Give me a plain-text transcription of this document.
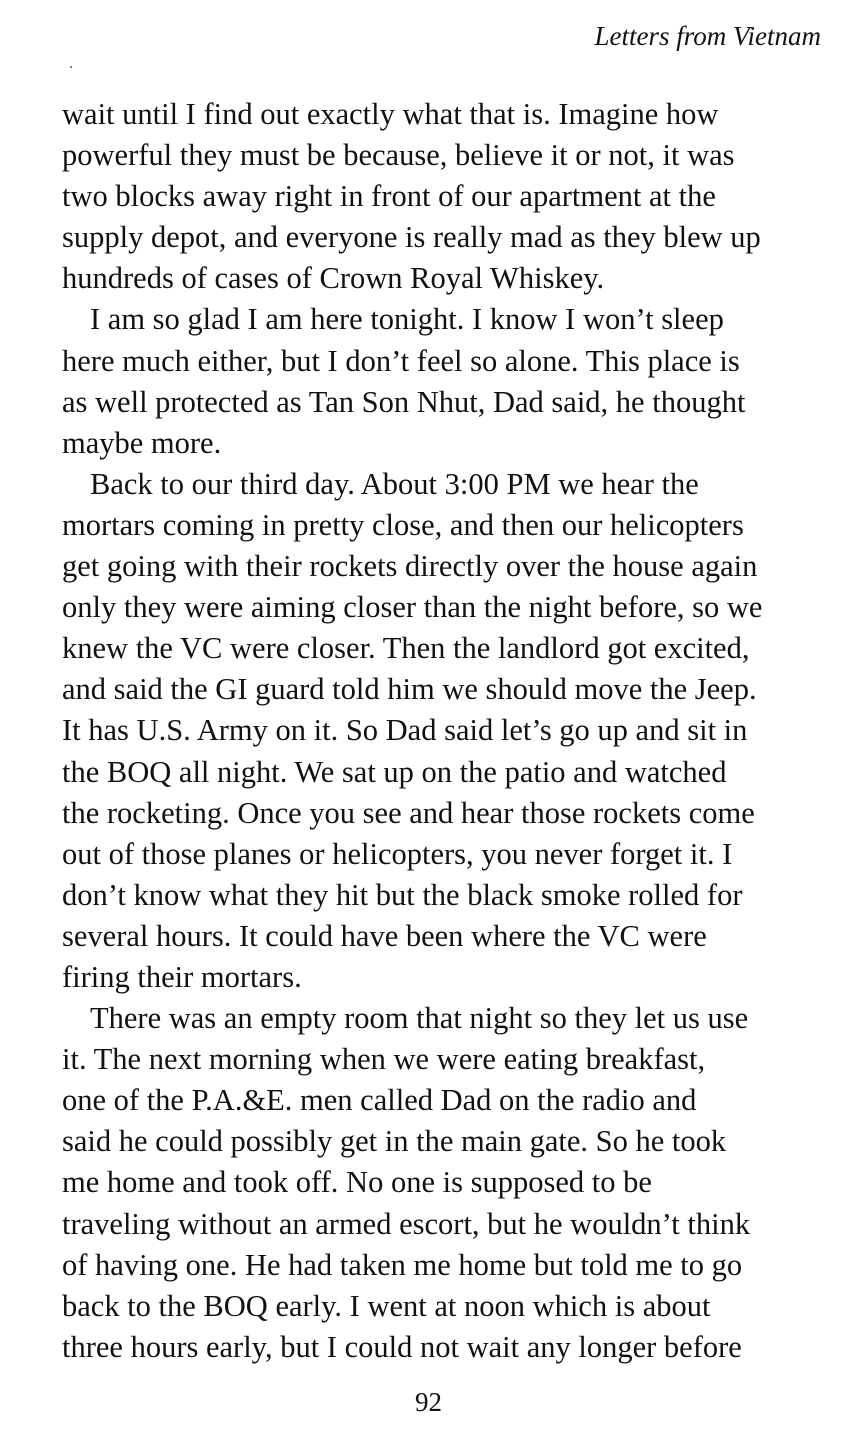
Letters from Vietnam
wait until I find out exactly what that is. Imagine how
powerful they must be because, believe it or not, it was
two blocks away right in front of our apartment at the
supply depot, and everyone is really mad as they blew up
hundreds of cases of Crown Royal Whiskey.
I am so glad I am here tonight. I know I won’t sleep
here much either, but I don’t feel so alone. This place is
as well protected as Tan Son Nhut, Dad said, he thought
maybe more.
Back to our third day. About 3:00 PM we hear the
mortars coming in pretty close, and then our helicopters
get going with their rockets directly over the house again
only they were aiming closer than the night before, so we
knew the VC were closer. Then the landlord got excited,
and said the GI guard told him we should move the Jeep.
It has U.S. Army on it. So Dad said let’s go up and sit in
the BOQ all night. We sat up on the patio and watched
the rocketing. Once you see and hear those rockets come
out of those planes or helicopters, you never forget it. I
don’t know what they hit but the black smoke rolled for
several hours. It could have been where the VC were
firing their mortars.
There was an empty room that night so they let us use
it. The next morning when we were eating breakfast,
one of the P.A.&E. men called Dad on the radio and
said he could possibly get in the main gate. So he took
me home and took off. No one is supposed to be
traveling without an armed escort, but he wouldn’t think
of having one. He had taken me home but told me to go
back to the BOQ early. I went at noon which is about
three hours early, but I could not wait any longer before
92
